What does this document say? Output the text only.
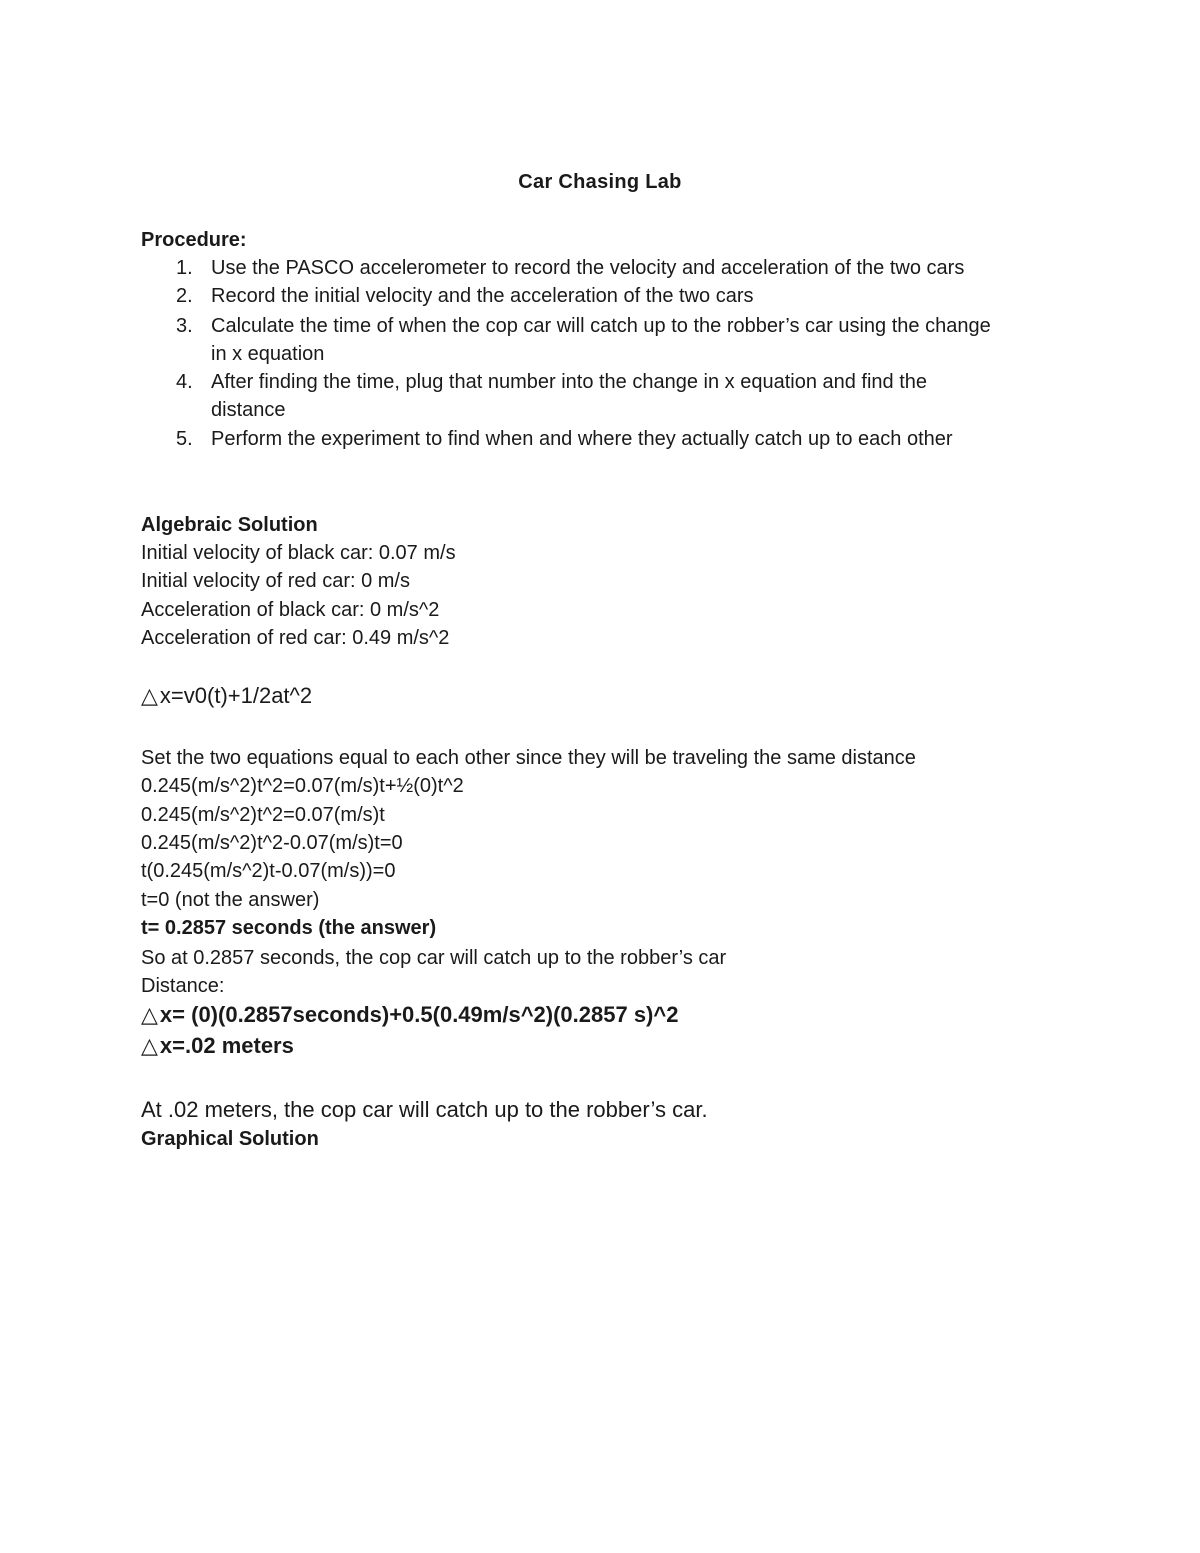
Car Chasing Lab
Procedure:
1. Use the PASCO accelerometer to record the velocity and acceleration of the two cars
2. Record the initial velocity and the acceleration of the two cars
3. Calculate the time of when the cop car will catch up to the robber’s car using the change
in x equation
4. After finding the time, plug that number into the change in x equation and find the
distance
5. Perform the experiment to find when and where they actually catch up to each other
Algebraic Solution
Initial velocity of black car: 0.07 m/s
Initial velocity of red car: 0 m/s
Acceleration of black car: 0 m/s^2
Acceleration of red car: 0.49 m/s^2
△x=v0(t)+1/2at^2
Set the two equations equal to each other since they will be traveling the same distance
0.245(m/s^2)t^2=0.07(m/s)t+½(0)t^2
0.245(m/s^2)t^2=0.07(m/s)t
0.245(m/s^2)t^2-0.07(m/s)t=0
t(0.245(m/s^2)t-0.07(m/s))=0
t=0 (not the answer)
t= 0.2857 seconds (the answer)
So at 0.2857 seconds, the cop car will catch up to the robber’s car
Distance:
△x= (0)(0.2857seconds)+0.5(0.49m/s^2)(0.2857 s)^2
△x=.02 meters
At .02 meters, the cop car will catch up to the robber’s car.
Graphical Solution
